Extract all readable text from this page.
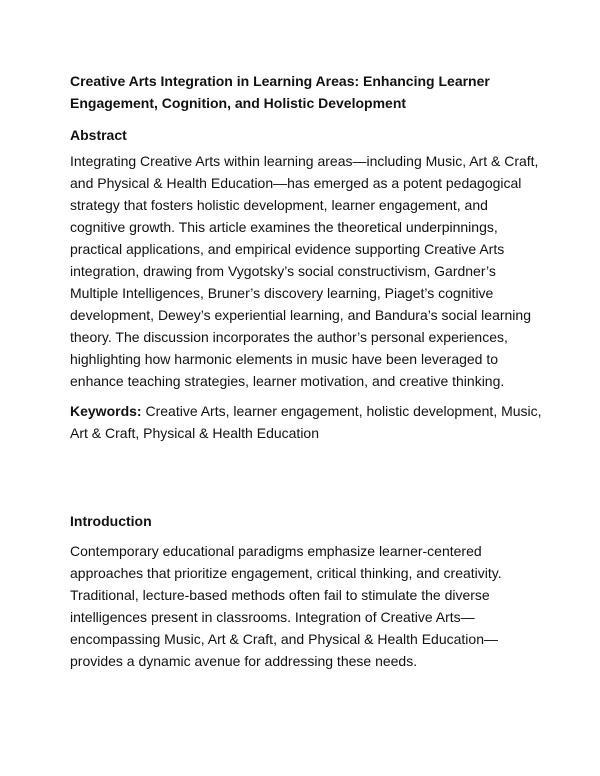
Creative Arts Integration in Learning Areas: Enhancing Learner Engagement, Cognition, and Holistic Development

Abstract

Integrating Creative Arts within learning areas—including Music, Art & Craft, and Physical & Health Education—has emerged as a potent pedagogical strategy that fosters holistic development, learner engagement, and cognitive growth. This article examines the theoretical underpinnings, practical applications, and empirical evidence supporting Creative Arts integration, drawing from Vygotsky’s social constructivism, Gardner’s Multiple Intelligences, Bruner’s discovery learning, Piaget’s cognitive development, Dewey’s experiential learning, and Bandura’s social learning theory. The discussion incorporates the author’s personal experiences, highlighting how harmonic elements in music have been leveraged to enhance teaching strategies, learner motivation, and creative thinking.

Keywords: Creative Arts, learner engagement, holistic development, Music, Art & Craft, Physical & Health Education

Introduction

Contemporary educational paradigms emphasize learner-centered approaches that prioritize engagement, critical thinking, and creativity. Traditional, lecture-based methods often fail to stimulate the diverse intelligences present in classrooms. Integration of Creative Arts—encompassing Music, Art & Craft, and Physical & Health Education—provides a dynamic avenue for addressing these needs.
